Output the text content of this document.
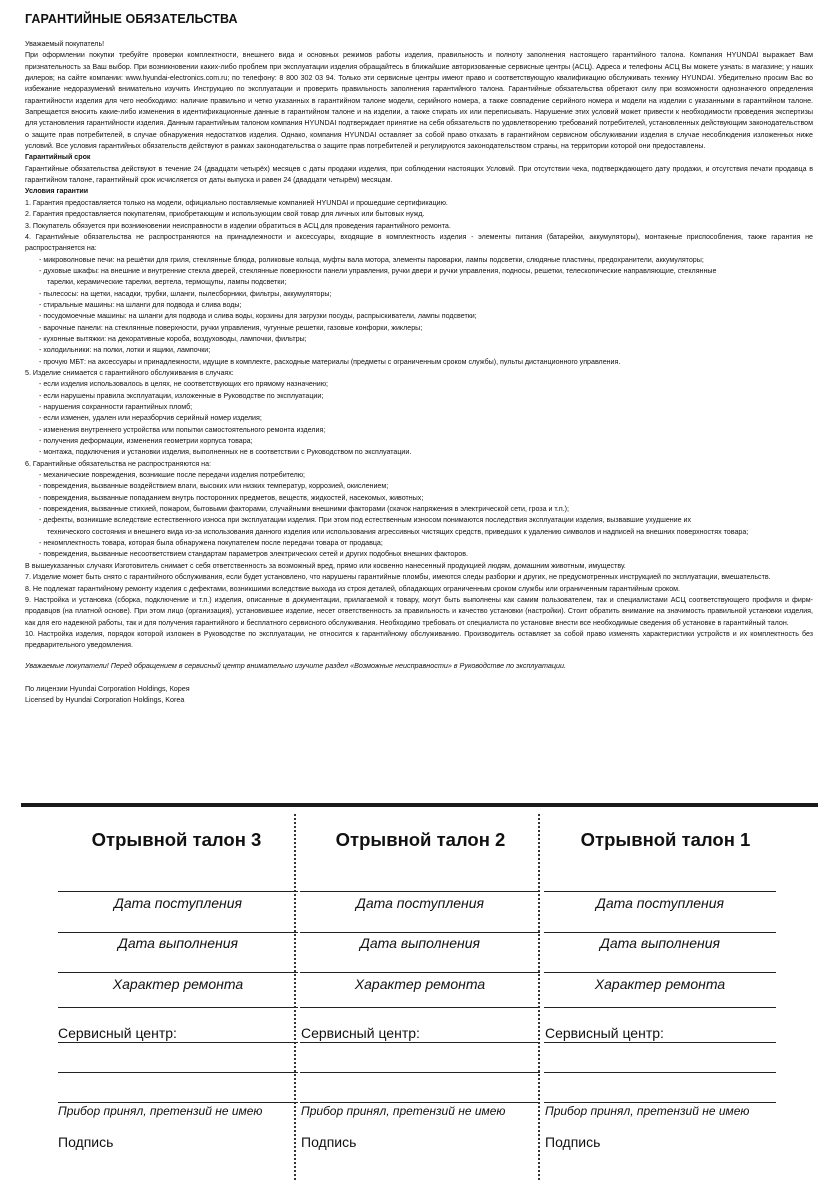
ГАРАНТИЙНЫЕ ОБЯЗАТЕЛЬСТВА

Уважаемый покупатель!

При оформлении покупки требуйте проверки комплектности, внешнего вида и основных режимов работы изделия, правильность и полноту заполнения настоящего гарантийного талона. Компания HYUNDAI выражает Вам признательность за Ваш выбор. При возникновении каких-либо проблем при эксплуатации изделия обращайтесь в ближайшие авторизованные сервисные центры (АСЦ). Адреса и телефоны АСЦ Вы можете узнать: в магазине; у наших дилеров; на сайте компании: www.hyundai-electronics.com.ru; по телефону: 8 800 302 03 94. Только эти сервисные центры имеют право и соответствующую квалификацию обслуживать технику HYUNDAI. Убедительно просим Вас во избежание недоразумений внимательно изучить Инструкцию по эксплуатации и проверить правильность заполнения гарантийного талона. Гарантийные обязательства обретают силу при возможности однозначного определения гарантийности изделия для чего необходимо: наличие правильно и четко указанных в гарантийном талоне модели, серийного номера, а также совпадение серийного номера и модели на изделии с указанными в гарантийном талоне. Запрещается вносить какие-либо изменения в идентификационные данные в гарантийном талоне и на изделии, а также стирать их или переписывать. Нарушение этих условий может привести к необходимости проведения экспертизы для установления гарантийности изделия. Данным гарантийным талоном компания HYUNDAI подтверждает принятие на себя обязательств по удовлетворению требований потребителей, установленных действующим законодательством о защите прав потребителей, в случае обнаружения недостатков изделия. Однако, компания HYUNDAI оставляет за собой право отказать в гарантийном сервисном обслуживании изделия в случае несоблюдения изложенных ниже условий. Все условия гарантийных обязательств действуют в рамках законодательства о защите прав потребителей и регулируются законодательством страны, на территории которой они предоставлены.

Гарантийный срок

Гарантийные обязательства действуют в течение 24 (двадцати четырёх) месяцев с даты продажи изделия, при соблюдении настоящих Условий. При отсутствии чека, подтверждающего дату продажи, и отсутствия печати продавца в гарантийном талоне, гарантийный срок исчисляется от даты выпуска и равен 24 (двадцати четырём) месяцам.

Условия гарантии

1. Гарантия предоставляется только на модели, официально поставляемые компанией HYUNDAI и прошедшие сертификацию.

2. Гарантия предоставляется покупателям, приобретающим и использующим свой товар для личных или бытовых нужд.

3. Покупатель обязуется при возникновении неисправности в изделии обратиться в АСЦ для проведения гарантийного ремонта.

4. Гарантийные обязательства не распространяются на принадлежности и аксессуары, входящие в комплектность изделия - элементы питания (батарейки, аккумуляторы), монтажные приспособления, также гарантия не распространяется на:

- микроволновые печи: на решётки для гриля, стеклянные блюда, роликовые кольца, муфты вала мотора, элементы пароварки, лампы подсветки, слюдяные пластины, предохранители, аккумуляторы;

- духовые шкафы: на внешние и внутренние стекла дверей, стеклянные поверхности панели управления, ручки двери и ручки управления, подносы, решетки, телескопические направляющие, стеклянные

тарелки, керамические тарелки, вертела, термощупы, лампы подсветки;

- пылесосы: на щетки, насадки, трубки, шланги, пылесборники, фильтры, аккумуляторы;

- стиральные машины: на шланги для подвода и слива воды;

- посудомоечные машины: на шланги для подвода и слива воды, корзины для загрузки посуды, распрыскиватели, лампы подсветки;

- варочные панели: на стеклянные поверхности, ручки управления, чугунные решетки, газовые конфорки, жиклеры;

- кухонные вытяжки: на декоративные короба, воздуховоды, лампочки, фильтры;

- холодильники: на полки, лотки и ящики, лампочки;

- прочую МБТ: на аксессуары и принадлежности, идущие в комплекте, расходные материалы (предметы с ограниченным сроком службы), пульты дистанционного управления.

5. Изделие снимается с гарантийного обслуживания в случаях:

- если изделия использовалось в целях, не соответствующих его прямому назначению;

- если нарушены правила эксплуатации, изложенные в Руководстве по эксплуатации;

- нарушения сохранности гарантийных пломб;

- если изменен, удален или неразборчив серийный номер изделия;

- изменения внутреннего устройства или попытки самостоятельного ремонта изделия;

- получения деформации, изменения геометрии корпуса товара;

- монтажа, подключения и установки изделия, выполненных не в соответствии с Руководством по эксплуатации.

6. Гарантийные обязательства не распространяются на:

- механические повреждения, возникшие после передачи изделия потребителю;

- повреждения, вызванные воздействием влаги, высоких или низких температур, коррозией, окислением;

- повреждения, вызванные попаданием внутрь посторонних предметов, веществ, жидкостей, насекомых, животных;

- повреждения, вызванные стихией, пожаром, бытовыми факторами, случайными внешними факторами (скачок напряжения в электрической сети, гроза и т.п.);

- дефекты, возникшие вследствие естественного износа при эксплуатации изделия. При этом под естественным износом понимаются последствия эксплуатации изделия, вызвавшие ухудшение их

технического состояния и внешнего вида из-за использования данного изделия или использования агрессивных чистящих средств, приведших к удалению символов и надписей на внешних поверхностях товара;

- некомплектность товара, которая была обнаружена покупателем после передачи товара от продавца;

- повреждения, вызванные несоответствием стандартам параметров электрических сетей и других подобных внешних факторов.

В вышеуказанных случаях Изготовитель снимает с себя ответственность за возможный вред, прямо или косвенно нанесенный продукцией людям, домашним животным, имуществу.

7. Изделие может быть снято с гарантийного обслуживания, если будет установлено, что нарушены гарантийные пломбы, имеются следы разборки и других, не предусмотренных инструкцией по эксплуатации, вмешательств.

8. Не подлежат гарантийному ремонту изделия с дефектами, возникшими вследствие выхода из строя деталей, обладающих ограниченным сроком службы или ограниченным гарантийным сроком.

9. Настройка и установка (сборка, подключение и т.п.) изделия, описанные в документации, прилагаемой к товару, могут быть выполнены как самим пользователем, так и специалистами АСЦ соответствующего профиля и фирм-продавцов (на платной основе). При этом лицо (организация), установившее изделие, несет ответственность за правильность и качество установки (настройки). Стоит обратить внимание на значимость правильной установки изделия, как для его надежной работы, так и для получения гарантийного и бесплатного сервисного обслуживания. Необходимо требовать от специалиста по установке внести все необходимые сведения об установке в гарантийный талон.

10. Настройка изделия, порядок которой изложен в Руководстве по эксплуатации, не относится к гарантийному обслуживанию. Производитель оставляет за собой право изменять характеристики устройств и их комплектность без предварительного уведомления.

Уважаемые покупатели! Перед обращением в сервисный центр внимательно изучите раздел «Возможные неисправности» в Руководстве по эксплуатации.
По лицензии Hyundai Corporation Holdings, Корея
Licensed by Hyundai Corporation Holdings, Korea
Отрывной талон 3
Дата поступления
Дата выполнения
Характер ремонта
Сервисный центр:
Прибор принял, претензий не имею
Подпись
Отрывной талон 2
Дата поступления
Дата выполнения
Характер ремонта
Сервисный центр:
Прибор принял, претензий не имею
Подпись
Отрывной талон 1
Дата поступления
Дата выполнения
Характер ремонта
Сервисный центр:
Прибор принял, претензий не имею
Подпись
